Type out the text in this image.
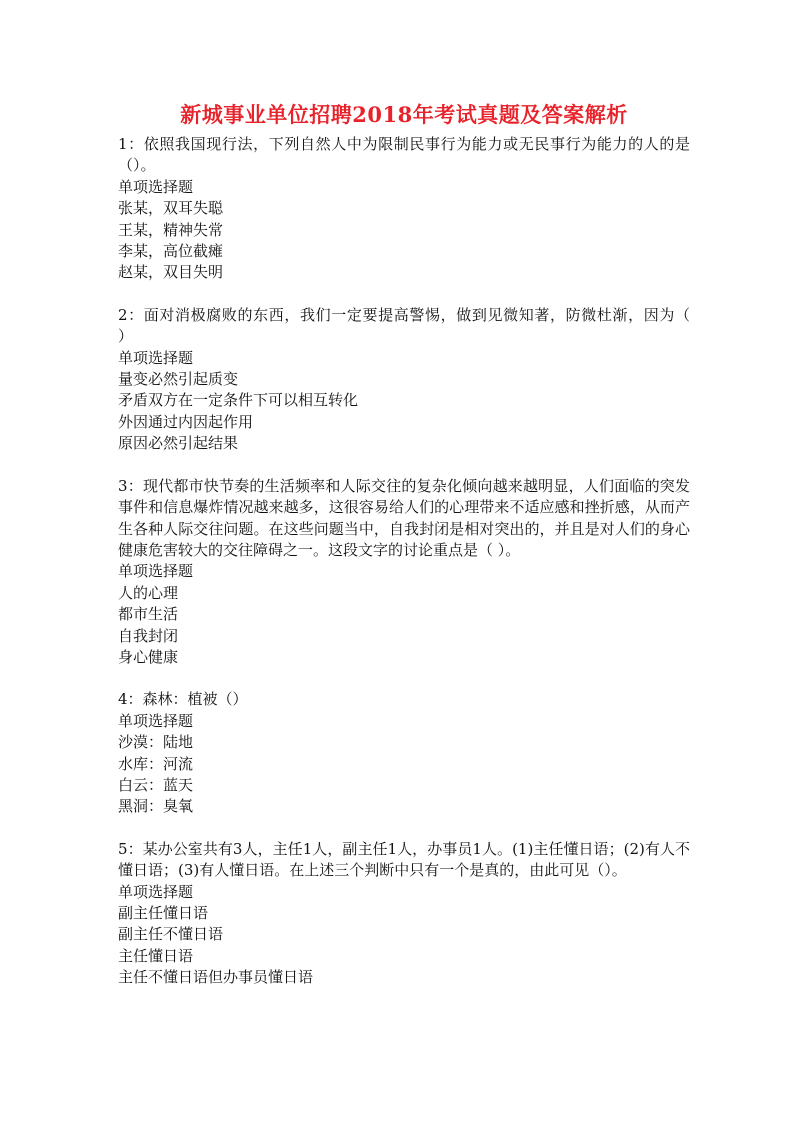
新城事业单位招聘2018年考试真题及答案解析

1：依照我国现行法，下列自然人中为限制民事行为能力或无民事行为能力的人的是（）。

单项选择题

张某，双耳失聪

王某，精神失常

李某，高位截瘫

赵某，双目失明

2：面对消极腐败的东西，我们一定要提高警惕，做到见微知著，防微杜渐，因为（　　）

单项选择题

量变必然引起质变

矛盾双方在一定条件下可以相互转化

外因通过内因起作用

原因必然引起结果

3：现代都市快节奏的生活频率和人际交往的复杂化倾向越来越明显，人们面临的突发事件和信息爆炸情况越来越多，这很容易给人们的心理带来不适应感和挫折感，从而产生各种人际交往问题。在这些问题当中，自我封闭是相对突出的，并且是对人们的身心健康危害较大的交往障碍之一。这段文字的讨论重点是（ ）。

单项选择题

人的心理

都市生活

自我封闭

身心健康

4：森林：植被（）

单项选择题

沙漠：陆地

水库：河流

白云：蓝天

黑洞：臭氧

5：某办公室共有3人，主任1人，副主任1人，办事员1人。(1)主任懂日语；(2)有人不懂日语；(3)有人懂日语。在上述三个判断中只有一个是真的，由此可见（）。

单项选择题

副主任懂日语

副主任不懂日语

主任懂日语

主任不懂日语但办事员懂日语
